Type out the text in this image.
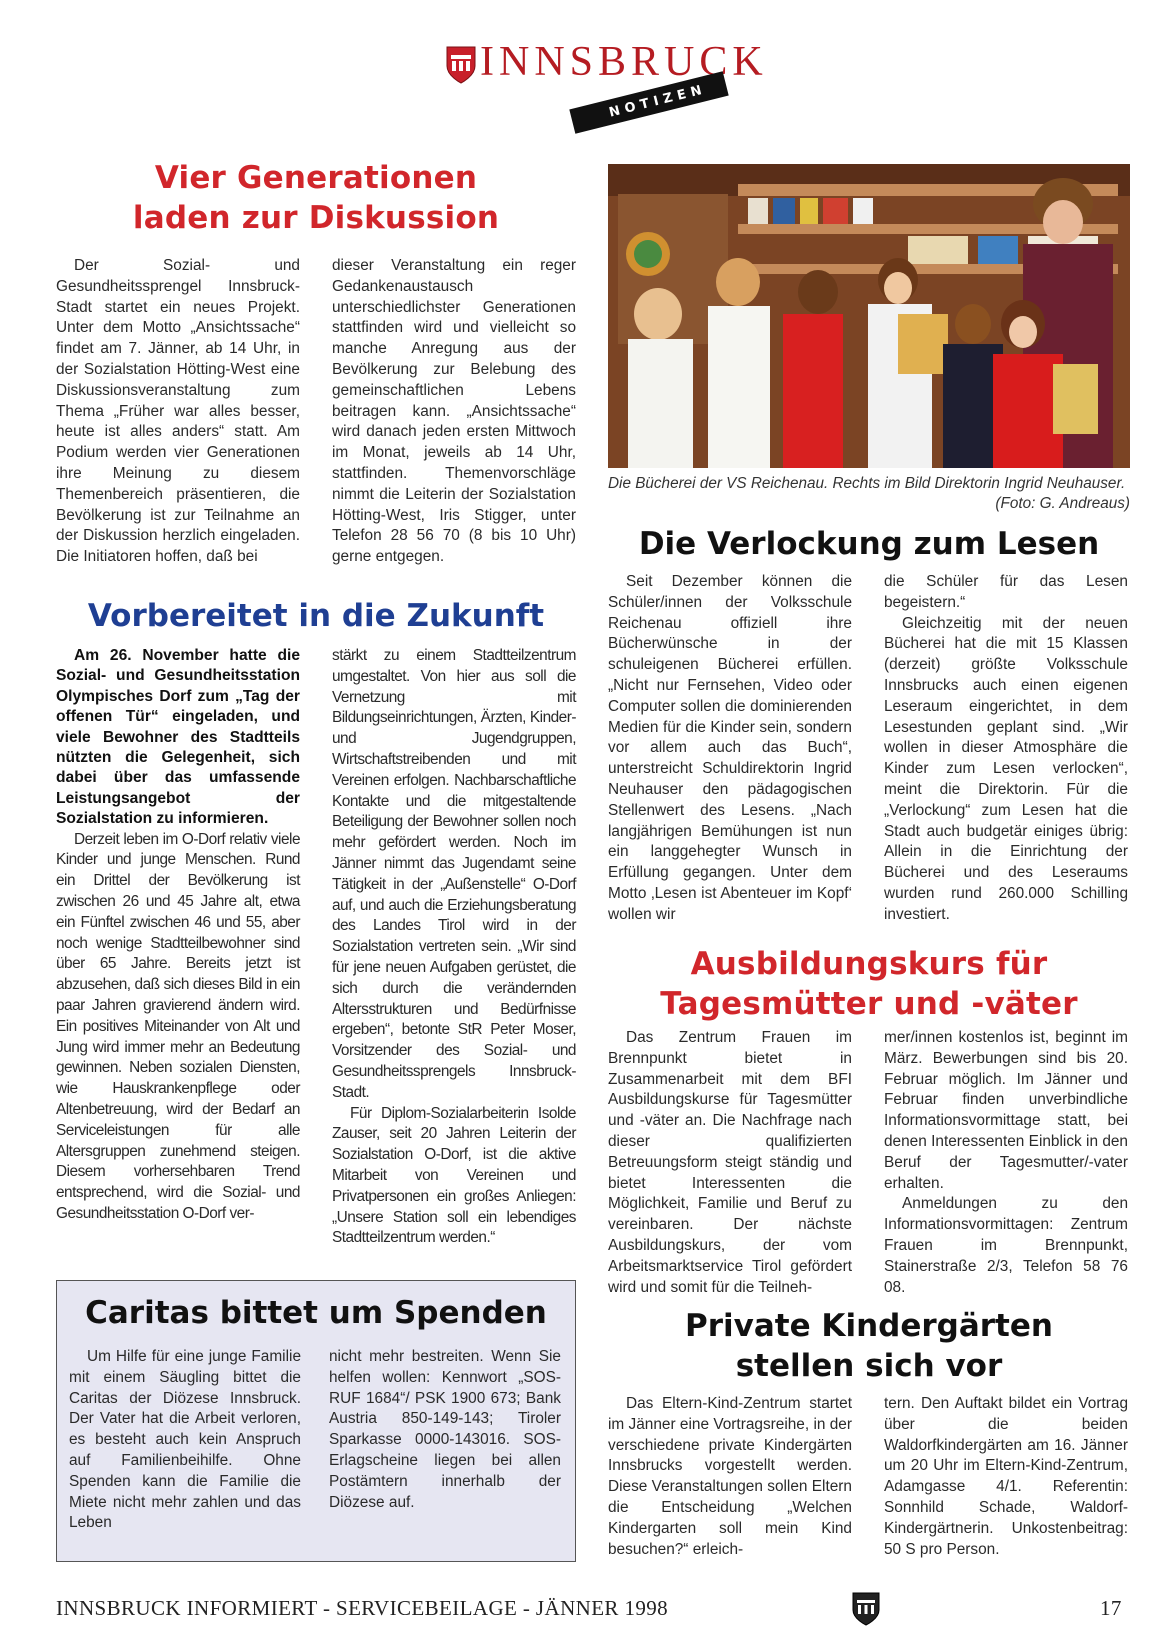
INNSBRUCK
NOTIZEN
Vier Generationen
laden zur Diskussion

Der Sozial- und Gesundheitssprengel Innsbruck-Stadt startet ein neues Projekt. Unter dem Motto „Ansichtssache“ findet am 7. Jänner, ab 14 Uhr, in der Sozialstation Hötting-West eine Diskussionsveranstaltung zum Thema „Früher war alles besser, heute ist alles anders“ statt. Am Podium werden vier Generationen ihre Meinung zu diesem Themenbereich präsentieren, die Bevölkerung ist zur Teilnahme an der Diskussion herzlich eingeladen. Die Initiatoren hoffen, daß bei

dieser Veranstaltung ein reger Gedankenaustausch unterschiedlichster Generationen stattfinden wird und vielleicht so manche Anregung aus der Bevölkerung zur Belebung des gemeinschaftlichen Lebens beitragen kann. „Ansichtssache“ wird danach jeden ersten Mittwoch im Monat, jeweils ab 14 Uhr, stattfinden. Themenvorschläge nimmt die Leiterin der Sozialstation Hötting-West, Iris Stigger, unter Telefon 28 56 70 (8 bis 10 Uhr) gerne entgegen.

Vorbereitet in die Zukunft

Am 26. November hatte die Sozial- und Gesundheitsstation Olympisches Dorf zum „Tag der offenen Tür“ eingeladen, und viele Bewohner des Stadtteils nützten die Gelegenheit, sich dabei über das umfassende Leistungsangebot der Sozialstation zu informieren.

Derzeit leben im O-Dorf relativ viele Kinder und junge Menschen. Rund ein Drittel der Bevölkerung ist zwischen 26 und 45 Jahre alt, etwa ein Fünftel zwischen 46 und 55, aber noch wenige Stadtteilbewohner sind über 65 Jahre. Bereits jetzt ist abzusehen, daß sich dieses Bild in ein paar Jahren gravierend ändern wird. Ein positives Miteinander von Alt und Jung wird immer mehr an Bedeutung gewinnen. Neben sozialen Diensten, wie Hauskrankenpflege oder Altenbetreuung, wird der Bedarf an Serviceleistungen für alle Altersgruppen zunehmend steigen. Diesem vorhersehbaren Trend entsprechend, wird die Sozial- und Gesundheitsstation O-Dorf ver-

stärkt zu einem Stadtteilzentrum umgestaltet. Von hier aus soll die Vernetzung mit Bildungseinrichtungen, Ärzten, Kinder- und Jugendgruppen, Wirtschaftstreibenden und mit Vereinen erfolgen. Nachbarschaftliche Kontakte und die mitgestaltende Beteiligung der Bewohner sollen noch mehr gefördert werden. Noch im Jänner nimmt das Jugendamt seine Tätigkeit in der „Außenstelle“ O-Dorf auf, und auch die Erziehungsberatung des Landes Tirol wird in der Sozialstation vertreten sein. „Wir sind für jene neuen Aufgaben gerüstet, die sich durch die verändernden Altersstrukturen und Bedürfnisse ergeben“, betonte StR Peter Moser, Vorsitzender des Sozial- und Gesundheitssprengels Innsbruck-Stadt.

Für Diplom-Sozialarbeiterin Isolde Zauser, seit 20 Jahren Leiterin der Sozialstation O-Dorf, ist die aktive Mitarbeit von Vereinen und Privatpersonen ein großes Anliegen: „Unsere Station soll ein lebendiges Stadtteilzentrum werden.“

Caritas bittet um Spenden

Um Hilfe für eine junge Familie mit einem Säugling bittet die Caritas der Diözese Innsbruck. Der Vater hat die Arbeit verloren, es besteht auch kein Anspruch auf Familienbeihilfe. Ohne Spenden kann die Familie die Miete nicht mehr zahlen und das Leben

nicht mehr bestreiten. Wenn Sie helfen wollen: Kennwort „SOS-RUF 1684“/ PSK 1900 673; Bank Austria 850-149-143; Tiroler Sparkasse 0000-143016. SOS-Erlagscheine liegen bei allen Postämtern innerhalb der Diözese auf.

Die Bücherei der VS Reichenau. Rechts im Bild Direktorin Ingrid Neuhauser.
(Foto: G. Andreaus)
Die Verlockung zum Lesen

Seit Dezember können die Schüler/innen der Volksschule Reichenau offiziell ihre Bücherwünsche in der schuleigenen Bücherei erfüllen. „Nicht nur Fernsehen, Video oder Computer sollen die dominierenden Medien für die Kinder sein, sondern vor allem auch das Buch“, unterstreicht Schuldirektorin Ingrid Neuhauser den pädagogischen Stellenwert des Lesens. „Nach langjährigen Bemühungen ist nun ein langgehegter Wunsch in Erfüllung gegangen. Unter dem Motto ‚Lesen ist Abenteuer im Kopf‘ wollen wir

die Schüler für das Lesen begeistern.“

Gleichzeitig mit der neuen Bücherei hat die mit 15 Klassen (derzeit) größte Volksschule Innsbrucks auch einen eigenen Leseraum eingerichtet, in dem Lesestunden geplant sind. „Wir wollen in dieser Atmosphäre die Kinder zum Lesen verlocken“, meint die Direktorin. Für die „Verlockung“ zum Lesen hat die Stadt auch budgetär einiges übrig: Allein in die Einrichtung der Bücherei und des Leseraums wurden rund 260.000 Schilling investiert.

Ausbildungskurs für
Tagesmütter und -väter

Das Zentrum Frauen im Brennpunkt bietet in Zusammenarbeit mit dem BFI Ausbildungskurse für Tagesmütter und -väter an. Die Nachfrage nach dieser qualifizierten Betreuungsform steigt ständig und bietet Interessenten die Möglichkeit, Familie und Beruf zu vereinbaren. Der nächste Ausbildungskurs, der vom Arbeitsmarktservice Tirol gefördert wird und somit für die Teilneh-

mer/innen kostenlos ist, beginnt im März. Bewerbungen sind bis 20. Februar möglich. Im Jänner und Februar finden unverbindliche Informationsvormittage statt, bei denen Interessenten Einblick in den Beruf der Tagesmutter/-vater erhalten.

Anmeldungen zu den Informationsvormittagen: Zentrum Frauen im Brennpunkt, Stainerstraße 2/3, Telefon 58 76 08.

Private Kindergärten
stellen sich vor

Das Eltern-Kind-Zentrum startet im Jänner eine Vortragsreihe, in der verschiedene private Kindergärten Innsbrucks vorgestellt werden. Diese Veranstaltungen sollen Eltern die Entscheidung „Welchen Kindergarten soll mein Kind besuchen?“ erleich-

tern. Den Auftakt bildet ein Vortrag über die beiden Waldorfkindergärten am 16. Jänner um 20 Uhr im Eltern-Kind-Zentrum, Adamgasse 4/1. Referentin: Sonnhild Schade, Waldorf-Kindergärtnerin. Unkostenbeitrag: 50 S pro Person.

INNSBRUCK INFORMIERT - SERVICEBEILAGE - JÄNNER 1998	17
